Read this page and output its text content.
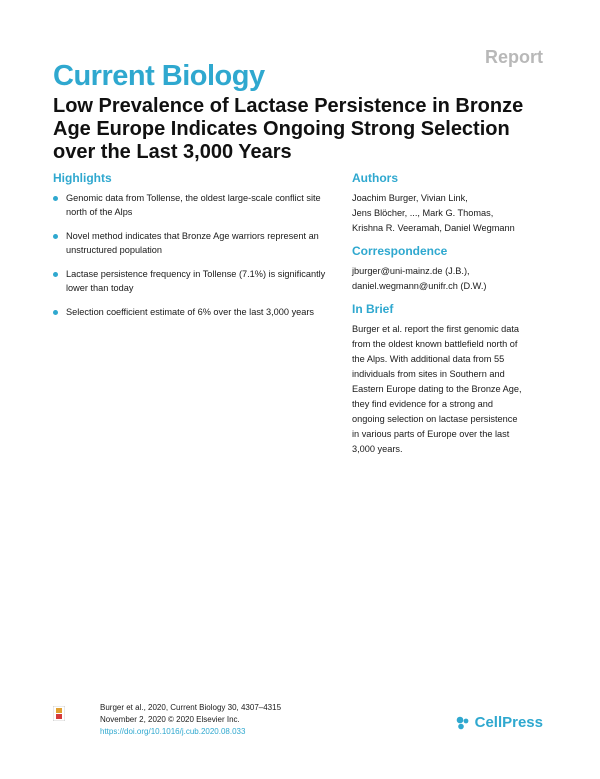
Report
Current Biology
Low Prevalence of Lactase Persistence in Bronze Age Europe Indicates Ongoing Strong Selection over the Last 3,000 Years
Highlights
Genomic data from Tollense, the oldest large-scale conflict site north of the Alps
Novel method indicates that Bronze Age warriors represent an unstructured population
Lactase persistence frequency in Tollense (7.1%) is significantly lower than today
Selection coefficient estimate of 6% over the last 3,000 years
Authors

Joachim Burger, Vivian Link,
Jens Blöcher, ..., Mark G. Thomas,
Krishna R. Veeramah, Daniel Wegmann

Correspondence

jburger@uni-mainz.de (J.B.),
daniel.wegmann@unifr.ch (D.W.)

In Brief

Burger et al. report the first genomic data
from the oldest known battlefield north of
the Alps. With additional data from 55
individuals from sites in Southern and
Eastern Europe dating to the Bronze Age,
they find evidence for a strong and
ongoing selection on lactase persistence
in various parts of Europe over the last
3,000 years.

Burger et al., 2020, Current Biology 30, 4307–4315
November 2, 2020 © 2020 Elsevier Inc.
https://doi.org/10.1016/j.cub.2020.08.033
CellPress
